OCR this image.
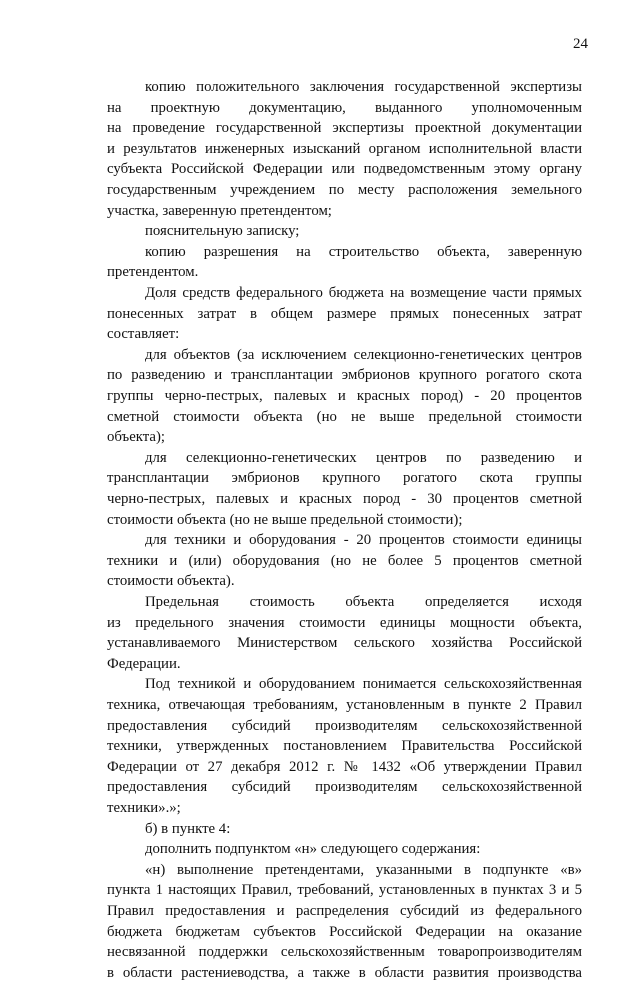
24
копию положительного заключения государственной экспертизы
на проектную документацию, выданного уполномоченным
на проведение государственной экспертизы проектной документации
и результатов инженерных изысканий органом исполнительной власти
субъекта Российской Федерации или подведомственным этому органу
государственным учреждением по месту расположения земельного
участка, заверенную претендентом;
пояснительную записку;
копию разрешения на строительство объекта, заверенную
претендентом.
Доля средств федерального бюджета на возмещение части прямых
понесенных затрат в общем размере прямых понесенных затрат
составляет:
для объектов (за исключением селекционно-генетических центров
по разведению и трансплантации эмбрионов крупного рогатого скота
группы черно-пестрых, палевых и красных пород) - 20 процентов
сметной стоимости объекта (но не выше предельной стоимости
объекта);
для селекционно-генетических центров по разведению и
трансплантации эмбрионов крупного рогатого скота группы
черно-пестрых, палевых и красных пород - 30 процентов сметной
стоимости объекта (но не выше предельной стоимости);
для техники и оборудования - 20 процентов стоимости единицы
техники и (или) оборудования (но не более 5 процентов сметной
стоимости объекта).
Предельная стоимость объекта определяется исходя
из предельного значения стоимости единицы мощности объекта,
устанавливаемого Министерством сельского хозяйства Российской
Федерации.
Под техникой и оборудованием понимается сельскохозяйственная
техника, отвечающая требованиям, установленным в пункте 2 Правил
предоставления субсидий производителям сельскохозяйственной
техники, утвержденных постановлением Правительства Российской
Федерации от 27 декабря 2012 г. № 1432 «Об утверждении Правил
предоставления субсидий производителям сельскохозяйственной
техники».»;
б) в пункте 4:
дополнить подпунктом «н» следующего содержания:
«н) выполнение претендентами, указанными в подпункте «в»
пункта 1 настоящих Правил, требований, установленных в пунктах 3 и 5
Правил предоставления и распределения субсидий из федерального
бюджета бюджетам субъектов Российской Федерации на оказание
несвязанной поддержки сельскохозяйственным товаропроизводителям
в области растениеводства, а также в области развития производства
